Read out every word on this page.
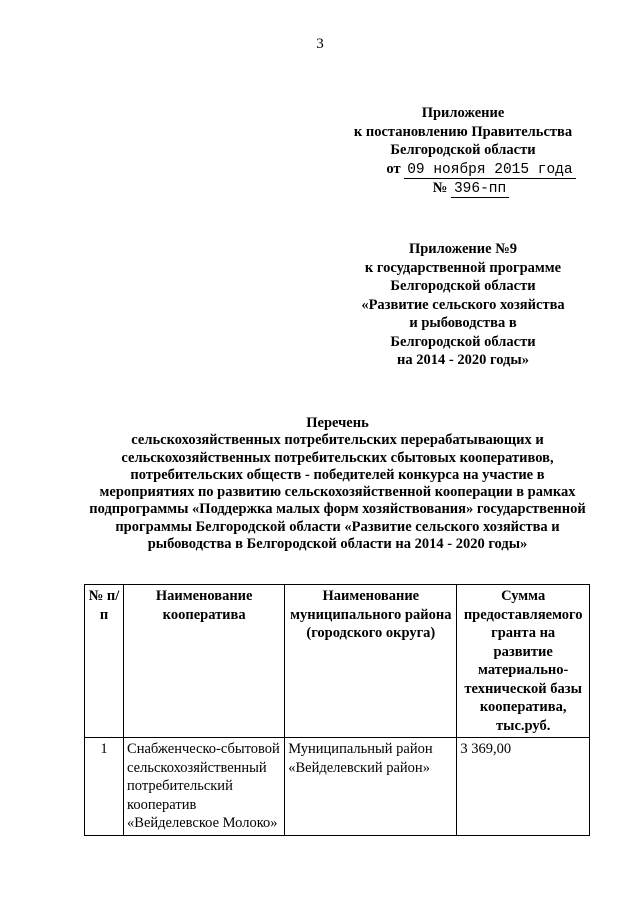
3
Приложение
к постановлению Правительства
Белгородской области
от 09 ноября 2015 года
№ 396-пп
Приложение №9
к государственной программе
Белгородской области
«Развитие сельского хозяйства
и рыбоводства в
Белгородской области
на 2014 - 2020 годы»
Перечень
сельскохозяйственных потребительских перерабатывающих и сельскохозяйственных потребительских сбытовых кооперативов, потребительских обществ - победителей конкурса на участие в мероприятиях по развитию сельскохозяйственной кооперации в рамках подпрограммы «Поддержка малых форм хозяйствования» государственной программы Белгородской области «Развитие сельского хозяйства и рыбоводства в Белгородской области на 2014 - 2020 годы»
№ п/п	Наименование кооператива	Наименование муниципального района (городского округа)	Сумма предоставляемого гранта на развитие материально-технической базы кооператива, тыс.руб.
1	Снабженческо-сбытовой сельскохозяйственный потребительский кооператив «Вейделевское Молоко»	Муниципальный район «Вейделевский район»	3 369,00
